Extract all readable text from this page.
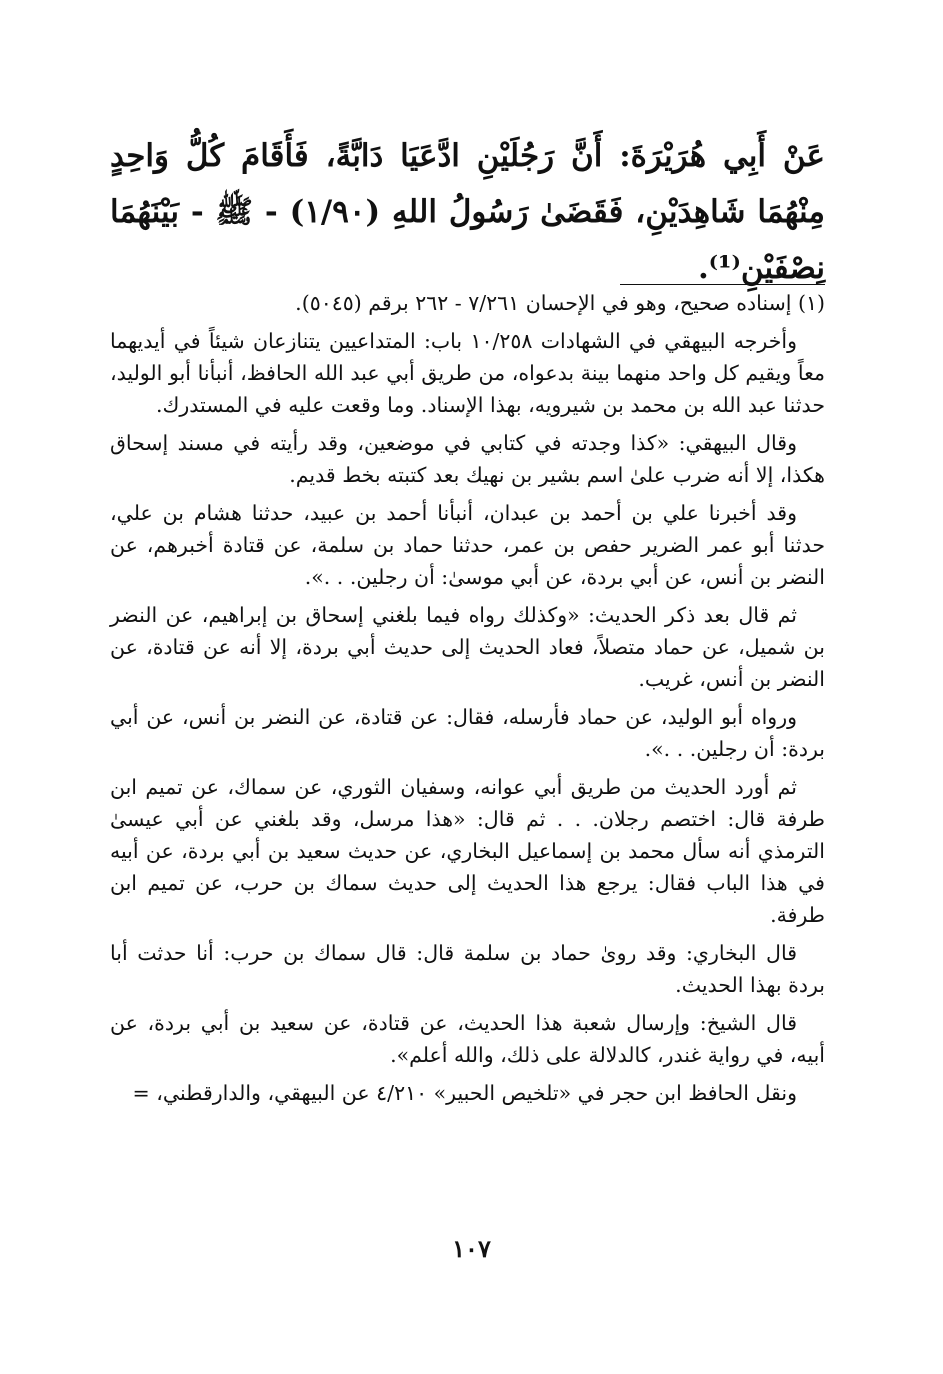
عَنْ أَبِي هُرَيْرَةَ: أَنَّ رَجُلَيْنِ ادَّعَيَا دَابَّةً، فَأَقَامَ كُلُّ وَاحِدٍ مِنْهُمَا شَاهِدَيْنِ، فَقَضَىٰ رَسُولُ اللهِ (١/٩٠) - ﷺ - بَيْنَهُمَا نِصْفَيْنِ⁽¹⁾.

(١) إسناده صحيح، وهو في الإحسان ٧/٢٦١ - ٢٦٢ برقم (٥٠٤٥).

وأخرجه البيهقي في الشهادات ١٠/٢٥٨ باب: المتداعيين يتنازعان شيئاً في أيديهما معاً ويقيم كل واحد منهما بينة بدعواه، من طريق أبي عبد الله الحافظ، أنبأنا أبو الوليد، حدثنا عبد الله بن محمد بن شيرويه، بهذا الإسناد. وما وقعت عليه في المستدرك.

وقال البيهقي: «كذا وجدته في كتابي في موضعين، وقد رأيته في مسند إسحاق هكذا، إلا أنه ضرب علىٰ اسم بشير بن نهيك بعد كتبته بخط قديم.

وقد أخبرنا علي بن أحمد بن عبدان، أنبأنا أحمد بن عبيد، حدثنا هشام بن علي، حدثنا أبو عمر الضرير حفص بن عمر، حدثنا حماد بن سلمة، عن قتادة أخبرهم، عن النضر بن أنس، عن أبي بردة، عن أبي موسىٰ: أن رجلين. . .».

ثم قال بعد ذكر الحديث: «وكذلك رواه فيما بلغني إسحاق بن إبراهيم، عن النضر بن شميل، عن حماد متصلاً، فعاد الحديث إلى حديث أبي بردة، إلا أنه عن قتادة، عن النضر بن أنس، غريب.

ورواه أبو الوليد، عن حماد فأرسله، فقال: عن قتادة، عن النضر بن أنس، عن أبي بردة: أن رجلين. . .».

ثم أورد الحديث من طريق أبي عوانه، وسفيان الثوري، عن سماك، عن تميم ابن طرفة قال: اختصم رجلان. . . ثم قال: «هذا مرسل، وقد بلغني عن أبي عيسىٰ الترمذي أنه سأل محمد بن إسماعيل البخاري، عن حديث سعيد بن أبي بردة، عن أبيه في هذا الباب فقال: يرجع هذا الحديث إلى حديث سماك بن حرب، عن تميم ابن طرفة.

قال البخاري: وقد روىٰ حماد بن سلمة قال: قال سماك بن حرب: أنا حدثت أبا بردة بهذا الحديث.

قال الشيخ: وإرسال شعبة هذا الحديث، عن قتادة، عن سعيد بن أبي بردة، عن أبيه، في رواية غندر، كالدلالة على ذلك، والله أعلم».

ونقل الحافظ ابن حجر في «تلخيص الحبير» ٤/٢١٠ عن البيهقي، والدارقطني، =

١٠٧
